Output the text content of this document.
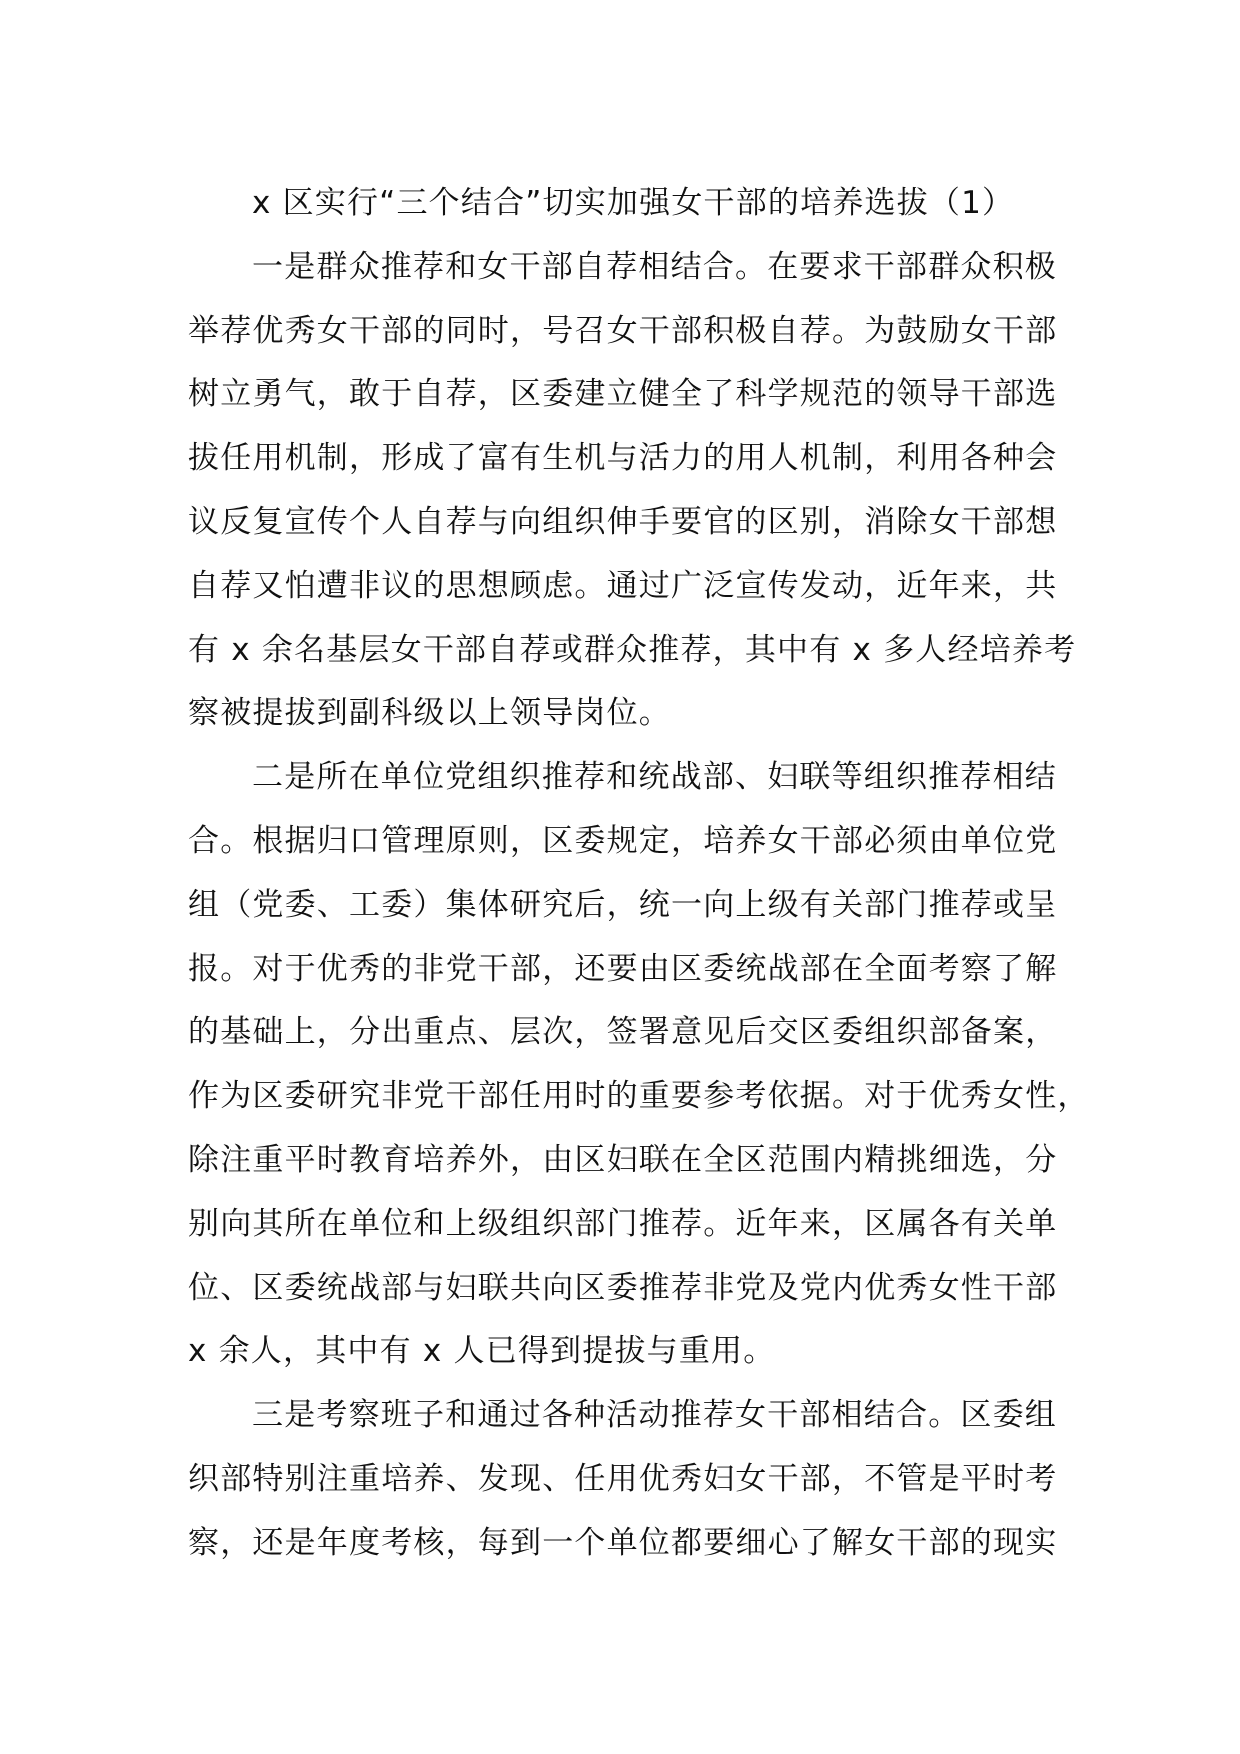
x 区实行“三个结合”切实加强女干部的培养选拔（1）
一是群众推荐和女干部自荐相结合。在要求干部群众积极
举荐优秀女干部的同时，号召女干部积极自荐。为鼓励女干部
树立勇气，敢于自荐，区委建立健全了科学规范的领导干部选
拔任用机制，形成了富有生机与活力的用人机制，利用各种会
议反复宣传个人自荐与向组织伸手要官的区别，消除女干部想
自荐又怕遭非议的思想顾虑。通过广泛宣传发动，近年来，共
有 x 余名基层女干部自荐或群众推荐，其中有 x 多人经培养考
察被提拔到副科级以上领导岗位。
二是所在单位党组织推荐和统战部、妇联等组织推荐相结
合。根据归口管理原则，区委规定，培养女干部必须由单位党
组（党委、工委）集体研究后，统一向上级有关部门推荐或呈
报。对于优秀的非党干部，还要由区委统战部在全面考察了解
的基础上，分出重点、层次，签署意见后交区委组织部备案，
作为区委研究非党干部任用时的重要参考依据。对于优秀女性，
除注重平时教育培养外，由区妇联在全区范围内精挑细选，分
别向其所在单位和上级组织部门推荐。近年来，区属各有关单
位、区委统战部与妇联共向区委推荐非党及党内优秀女性干部
x 余人，其中有 x 人已得到提拔与重用。
三是考察班子和通过各种活动推荐女干部相结合。区委组
织部特别注重培养、发现、任用优秀妇女干部，不管是平时考
察，还是年度考核，每到一个单位都要细心了解女干部的现实
